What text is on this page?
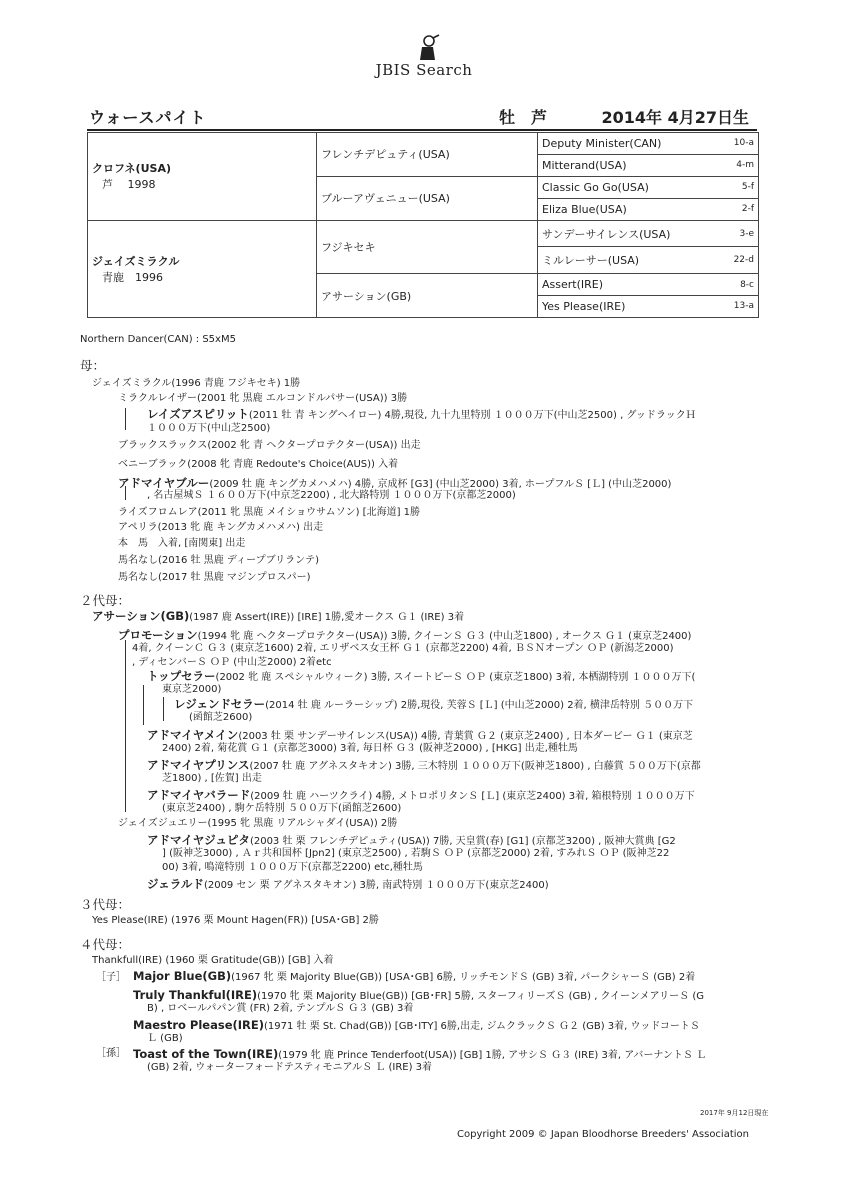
JBIS Search
ウォースパイト	牡　芦	2014年 4月27日生
クロフネ(USA)
芦　 1998	フレンチデピュティ(USA)	Deputy Minister(CAN) 10-a

		Mitterand(USA) 4-m

	ブルーアヴェニュー(USA)	Classic Go Go(USA) 5-f

		Eliza Blue(USA) 2-f

ジェイズミラクル
青鹿　1996	フジキセキ	サンデーサイレンス(USA) 3-e

		ミルレーサー(USA) 22-d

	アサーション(GB)	Assert(IRE) 8-c

		Yes Please(IRE) 13-a
Northern Dancer(CAN) : S5xM5
母：
２代母：
３代母：
４代母：
［子］
［孫］
ジェイズミラクル(1996 青鹿 フジキセキ) 1勝
ミラクルレイザー(2001 牝 黒鹿 エルコンドルパサー(USA)) 3勝
レイズアスピリット(2011 牡 青 キングヘイロー) 4勝,現役, 九十九里特別 １０００万下(中山芝2500) , グッドラックＨ
１０００万下(中山芝2500)
ブラックスラックス(2002 牝 青 ヘクタープロテクター(USA)) 出走
ベニーブラック(2008 牝 青鹿 Redoute's Choice(AUS)) 入着
アドマイヤブルー(2009 牡 鹿 キングカメハメハ) 4勝, 京成杯 [G3] (中山芝2000) 3着, ホープフルＳ [Ｌ] (中山芝2000)
, 名古屋城Ｓ １６００万下(中京芝2200) , 北大路特別 １０００万下(京都芝2000)
ライズフロムレア(2011 牝 黒鹿 メイショウサムソン) [北海道] 1勝
アペリラ(2013 牝 鹿 キングカメハメハ) 出走
本　馬　入着, [南関東] 出走
馬名なし(2016 牡 黒鹿 ディープブリランテ)
馬名なし(2017 牡 黒鹿 マジンプロスパー)
アサーション(GB)(1987 鹿 Assert(IRE)) [IRE] 1勝,愛オークス Ｇ１ (IRE) 3着
プロモーション(1994 牝 鹿 ヘクタープロテクター(USA)) 3勝, クイーンＳ Ｇ３ (中山芝1800) , オークス Ｇ１ (東京芝2400)
4着, クイーンＣ Ｇ３ (東京芝1600) 2着, エリザベス女王杯 Ｇ１ (京都芝2200) 4着, ＢＳＮオープン ＯＰ (新潟芝2000)
, ディセンバーＳ ＯＰ (中山芝2000) 2着etc
トップセラー(2002 牝 鹿 スペシャルウィーク) 3勝, スイートピーＳ ＯＰ (東京芝1800) 3着, 本栖湖特別 １０００万下(
東京芝2000)
レジェンドセラー(2014 牡 鹿 ルーラーシップ) 2勝,現役, 芙蓉Ｓ [Ｌ] (中山芝2000) 2着, 横津岳特別 ５００万下
(函館芝2600)
アドマイヤメイン(2003 牡 栗 サンデーサイレンス(USA)) 4勝, 青葉賞 Ｇ２ (東京芝2400) , 日本ダービー Ｇ１ (東京芝
2400) 2着, 菊花賞 Ｇ１ (京都芝3000) 3着, 毎日杯 Ｇ３ (阪神芝2000) , [HKG] 出走,種牡馬
アドマイヤプリンス(2007 牡 鹿 アグネスタキオン) 3勝, 三木特別 １０００万下(阪神芝1800) , 白藤賞 ５００万下(京都
芝1800) , [佐賀] 出走
アドマイヤバラード(2009 牡 鹿 ハーツクライ) 4勝, メトロポリタンＳ [Ｌ] (東京芝2400) 3着, 箱根特別 １０００万下
(東京芝2400) , 駒ケ岳特別 ５００万下(函館芝2600)
ジェイズジュエリー(1995 牝 黒鹿 リアルシャダイ(USA)) 2勝
アドマイヤジュピタ(2003 牡 栗 フレンチデピュティ(USA)) 7勝, 天皇賞(春) [G1] (京都芝3200) , 阪神大賞典 [G2
] (阪神芝3000) , Ａｒ共和国杯 [Jpn2] (東京芝2500) , 若駒Ｓ ＯＰ (京都芝2000) 2着, すみれＳ ＯＰ (阪神芝22
00) 3着, 鳴滝特別 １０００万下(京都芝2200) etc,種牡馬
ジェラルド(2009 セン 栗 アグネスタキオン) 3勝, 南武特別 １０００万下(東京芝2400)
Yes Please(IRE) (1976 栗 Mount Hagen(FR)) [USA･GB] 2勝
Thankfull(IRE) (1960 栗 Gratitude(GB)) [GB] 入着
Major Blue(GB)(1967 牝 栗 Majority Blue(GB)) [USA･GB] 6勝, リッチモンドＳ (GB) 3着, パークシャーＳ (GB) 2着
Truly Thankful(IRE)(1970 牝 栗 Majority Blue(GB)) [GB･FR] 5勝, スターフィリーズＳ (GB) , クイーンメアリーＳ (G
B) , ロベールパパン賞 (FR) 2着, テンプルＳ Ｇ３ (GB) 3着
Maestro Please(IRE)(1971 牡 栗 St. Chad(GB)) [GB･ITY] 6勝,出走, ジムクラックＳ Ｇ２ (GB) 3着, ウッドコートＳ
Ｌ (GB)
Toast of the Town(IRE)(1979 牝 鹿 Prince Tenderfoot(USA)) [GB] 1勝, アサシＳ Ｇ３ (IRE) 3着, アバーナントＳ Ｌ
(GB) 2着, ウォーターフォードテスティモニアルＳ Ｌ (IRE) 3着
2017年 9月12日現在
Copyright 2009 © Japan Bloodhorse Breeders' Association
